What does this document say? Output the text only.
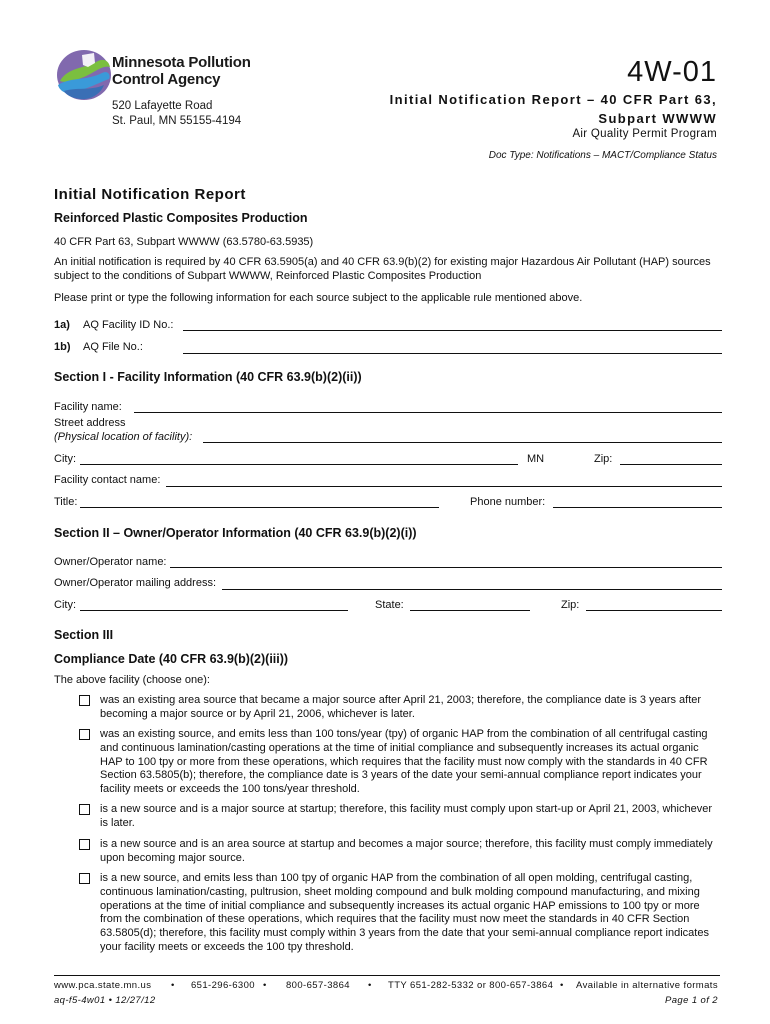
Minnesota Pollution
Control Agency
520 Lafayette Road
St. Paul, MN 55155-4194
4W-01
Initial Notification Report – 40 CFR Part 63,
Subpart WWWW
Air Quality Permit Program
Doc Type: Notifications – MACT/Compliance Status
Initial Notification Report
Reinforced Plastic Composites Production
40 CFR Part 63, Subpart WWWW (63.5780-63.5935)
An initial notification is required by 40 CFR 63.5905(a) and 40 CFR 63.9(b)(2) for existing major Hazardous Air Pollutant (HAP) sources subject to the conditions of Subpart WWWW, Reinforced Plastic Composites Production
Please print or type the following information for each source subject to the applicable rule mentioned above.
1a) AQ Facility ID No.:
1b) AQ File No.:
Section I - Facility Information (40 CFR 63.9(b)(2)(ii))
Facility name:
Street address
(Physical location of facility):
City:	MN	Zip:
Facility contact name:
Title:	Phone number:
Section II – Owner/Operator Information (40 CFR 63.9(b)(2)(i))
Owner/Operator name:
Owner/Operator mailing address:
City:	State:	Zip:
Section III
Compliance Date (40 CFR 63.9(b)(2)(iii))
The above facility (choose one):
was an existing area source that became a major source after April 21, 2003; therefore, the compliance date is 3 years after becoming a major source or by April 21, 2006, whichever is later.
was an existing source, and emits less than 100 tons/year (tpy) of organic HAP from the combination of all centrifugal casting and continuous lamination/casting operations at the time of initial compliance and subsequently increases its actual organic HAP to 100 tpy or more from these operations, which requires that the facility must now comply with the standards in 40 CFR Section 63.5805(b); therefore, the compliance date is 3 years of the date your semi-annual compliance report indicates your facility meets or exceeds the 100 tons/year threshold.
is a new source and is a major source at startup; therefore, this facility must comply upon start-up or April 21, 2003, whichever is later.
is a new source and is an area source at startup and becomes a major source; therefore, this facility must comply immediately upon becoming major source.
is a new source, and emits less than 100 tpy of organic HAP from the combination of all open molding, centrifugal casting, continuous lamination/casting, pultrusion, sheet molding compound and bulk molding compound manufacturing, and mixing operations at the time of initial compliance and subsequently increases its actual organic HAP emissions to 100 tpy or more from the combination of these operations, which requires that the facility must now meet the standards in 40 CFR Section 63.5805(d); therefore, this facility must comply within 3 years from the date that your semi-annual compliance report indicates your facility meets or exceeds the 100 tpy threshold.
www.pca.state.mn.us • 651-296-6300 • 800-657-3864 • TTY 651-282-5332 or 800-657-3864 • Available in alternative formats
aq-f5-4w01 • 12/27/12	Page 1 of 2
